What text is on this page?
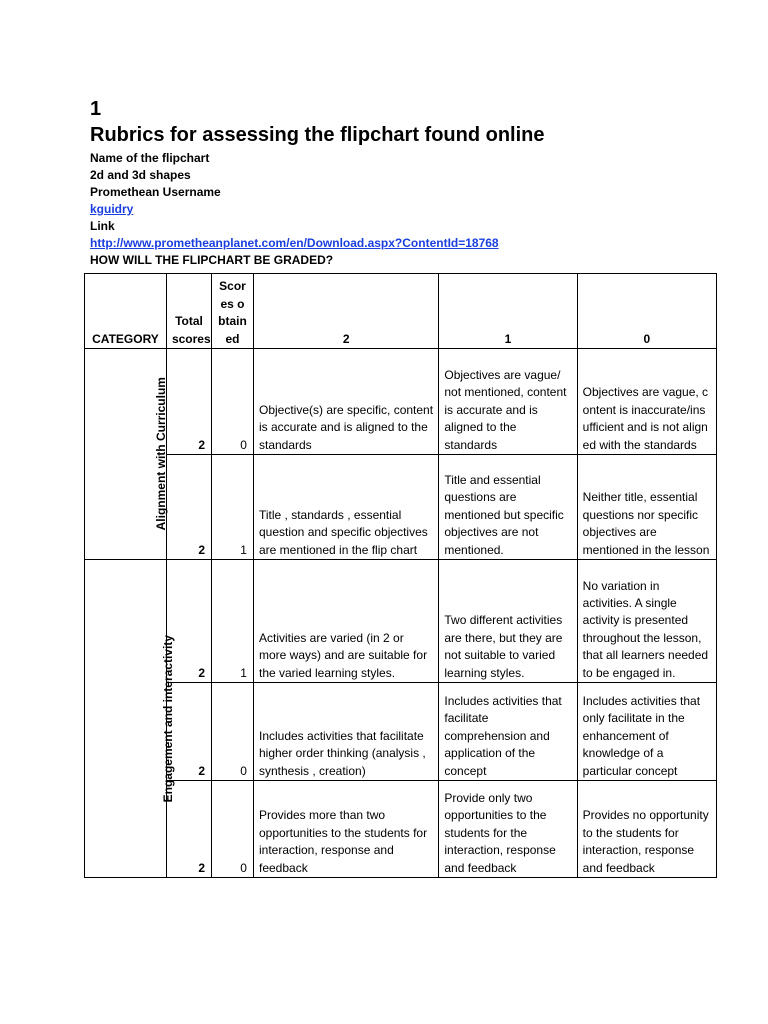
1

Rubrics for assessing the flipchart found online

Name of the flipchart

2d and 3d shapes

Promethean Username

kguidry

Link

http://www.prometheanplanet.com/en/Download.aspx?ContentId=18768

HOW WILL THE FLIPCHART BE GRADED?

CATEGORY	Total scores	Scores obtained	2	1	0
Alignment with Curriculum	2	0	Objective(s) are specific, content is accurate and is aligned to the standards	Objectives are vague/ not mentioned, content is accurate and is aligned to the standards	Objectives are vague, content is inaccurate/insufficient and is not aligned with the standards
	2	1	Title , standards , essential question and specific objectives are mentioned in the flip chart	Title and essential questions are mentioned but specific objectives are not mentioned.	Neither title, essential questions nor specific objectives are mentioned in the lesson
Engagement and interactivity	2	1	Activities are varied (in 2 or more ways) and are suitable for the varied learning styles.	Two different activities are there, but they are not suitable to varied learning styles.	No variation in activities. A single activity is presented throughout the lesson, that all learners needed to be engaged in.
	2	0	Includes activities that facilitate higher order thinking (analysis , synthesis , creation)	Includes activities that facilitate comprehension and application of the concept	Includes activities that only facilitate in the enhancement of knowledge of a particular concept
	2	0	Provides more than two opportunities to the students for interaction, response and feedback	Provide only two opportunities to the students for the interaction, response and feedback	Provides no opportunity to the students for interaction, response and feedback
